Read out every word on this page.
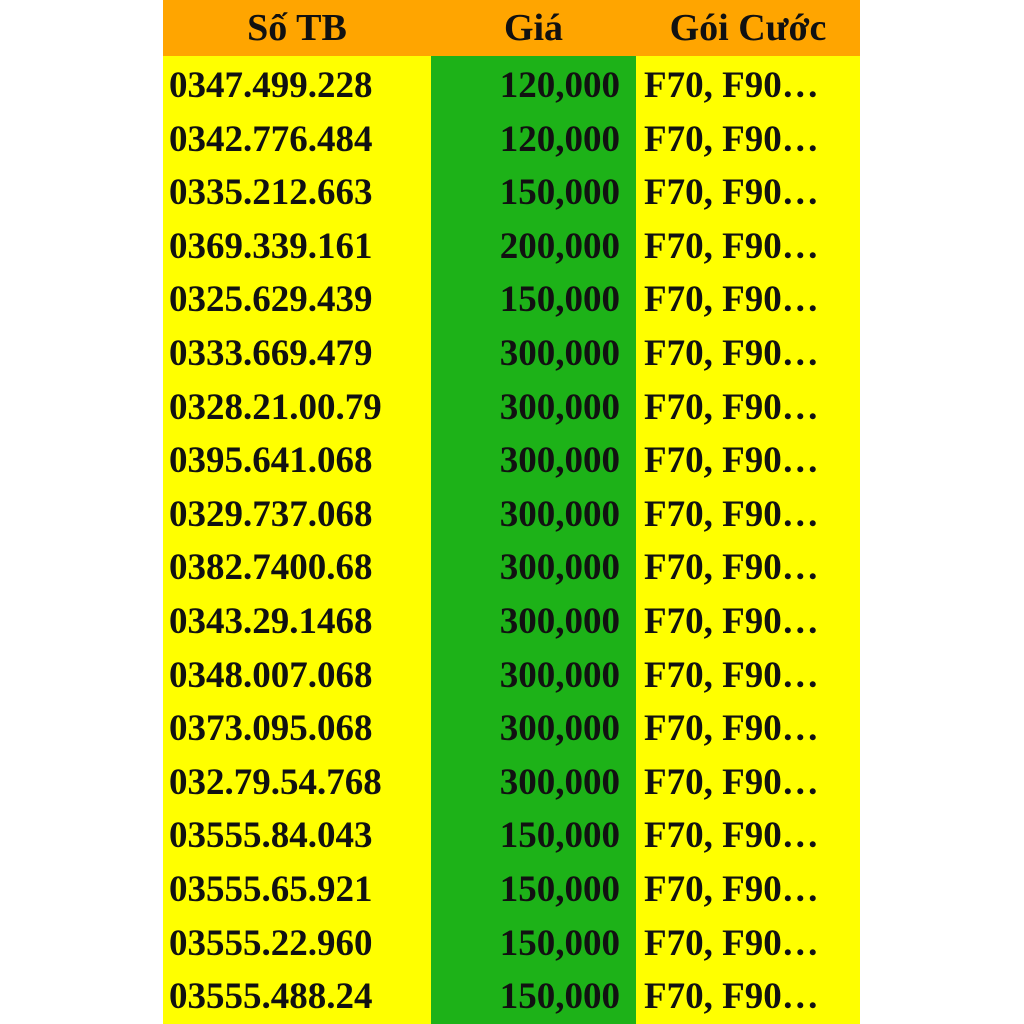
Số TB	Giá	Gói Cước
0347.499.228	120,000 F70, F90…
0342.776.484	120,000 F70, F90…
0335.212.663	150,000 F70, F90…
0369.339.161	200,000 F70, F90…
0325.629.439	150,000 F70, F90…
0333.669.479	300,000 F70, F90…
0328.21.00.79	300,000 F70, F90…
0395.641.068	300,000 F70, F90…
0329.737.068	300,000 F70, F90…
0382.7400.68	300,000 F70, F90…
0343.29.1468	300,000 F70, F90…
0348.007.068	300,000 F70, F90…
0373.095.068	300,000 F70, F90…
032.79.54.768	300,000 F70, F90…
03555.84.043	150,000 F70, F90…
03555.65.921	150,000 F70, F90…
03555.22.960	150,000 F70, F90…
03555.488.24	150,000 F70, F90…
